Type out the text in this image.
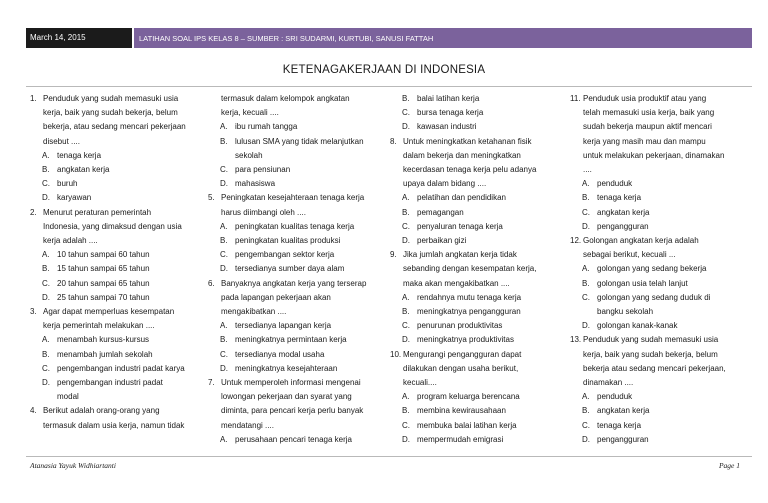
March 14, 2015	LATIHAN SOAL IPS KELAS 8 – SUMBER : SRI SUDARMI, KURTUBI, SANUSI FATTAH
KETENAGAKERJAAN DI INDONESIA
1. Penduduk yang sudah memasuki usia
kerja, baik yang sudah bekerja, belum
bekerja, atau sedang mencari pekerjaan
disebut ....
A. tenaga kerja
B. angkatan kerja
C. buruh
D. karyawan
2. Menurut peraturan pemerintah
Indonesia, yang dimaksud dengan usia
kerja adalah ....
A. 10 tahun sampai 60 tahun
B. 15 tahun sampai 65 tahun
C. 20 tahun sampai 65 tahun
D. 25 tahun sampai 70 tahun
3. Agar dapat memperluas kesempatan
kerja pemerintah melakukan ....
A. menambah kursus-kursus
B. menambah jumlah sekolah
C. pengembangan industri padat karya
D. pengembangan industri padat
modal
4. Berikut adalah orang-orang yang
termasuk dalam usia kerja, namun tidak
termasuk dalam kelompok angkatan
kerja, kecuali ....
A. ibu rumah tangga
B. lulusan SMA yang tidak melanjutkan
sekolah
C. para pensiunan
D. mahasiswa
5. Peningkatan kesejahteraan tenaga kerja
harus diimbangi oleh ....
A. peningkatan kualitas tenaga kerja
B. peningkatan kualitas produksi
C. pengembangan sektor kerja
D. tersedianya sumber daya alam
6. Banyaknya angkatan kerja yang terserap
pada lapangan pekerjaan akan
mengakibatkan ....
A. tersedianya lapangan kerja
B. meningkatnya permintaan kerja
C. tersedianya modal usaha
D. meningkatnya kesejahteraan
7. Untuk memperoleh informasi mengenai
lowongan pekerjaan dan syarat yang
diminta, para pencari kerja perlu banyak
mendatangi ....
A. perusahaan pencari tenaga kerja
B. balai latihan kerja
C. bursa tenaga kerja
D. kawasan industri
8. Untuk meningkatkan ketahanan fisik
dalam bekerja dan meningkatkan
kecerdasan tenaga kerja pelu adanya
upaya dalam bidang ....
A. pelatihan dan pendidikan
B. pemagangan
C. penyaluran tenaga kerja
D. perbaikan gizi
9. Jika jumlah angkatan kerja tidak
sebanding dengan kesempatan kerja,
maka akan mengakibatkan ....
A. rendahnya mutu tenaga kerja
B. meningkatnya pengangguran
C. penurunan produktivitas
D. meningkatnya produktivitas
10. Mengurangi pengangguran dapat
dilakukan dengan usaha berikut,
kecuali....
A. program keluarga berencana
B. membina kewirausahaan
C. membuka balai latihan kerja
D. mempermudah emigrasi
11. Penduduk usia produktif atau yang
telah memasuki usia kerja, baik yang
sudah bekerja maupun aktif mencari
kerja yang masih mau dan mampu
untuk melakukan pekerjaan, dinamakan
....
A. penduduk
B. tenaga kerja
C. angkatan kerja
D. pengangguran
12. Golongan angkatan kerja adalah
sebagai berikut, kecuali ...
A. golongan yang sedang bekerja
B. golongan usia telah lanjut
C. golongan yang sedang duduk di
bangku sekolah
D. golongan kanak-kanak
13. Penduduk yang sudah memasuki usia
kerja, baik yang sudah bekerja, belum
bekerja atau sedang mencari pekerjaan,
dinamakan ....
A. penduduk
B. angkatan kerja
C. tenaga kerja
D. pengangguran
Atanasia Yayuk Widhiartanti	Page 1
